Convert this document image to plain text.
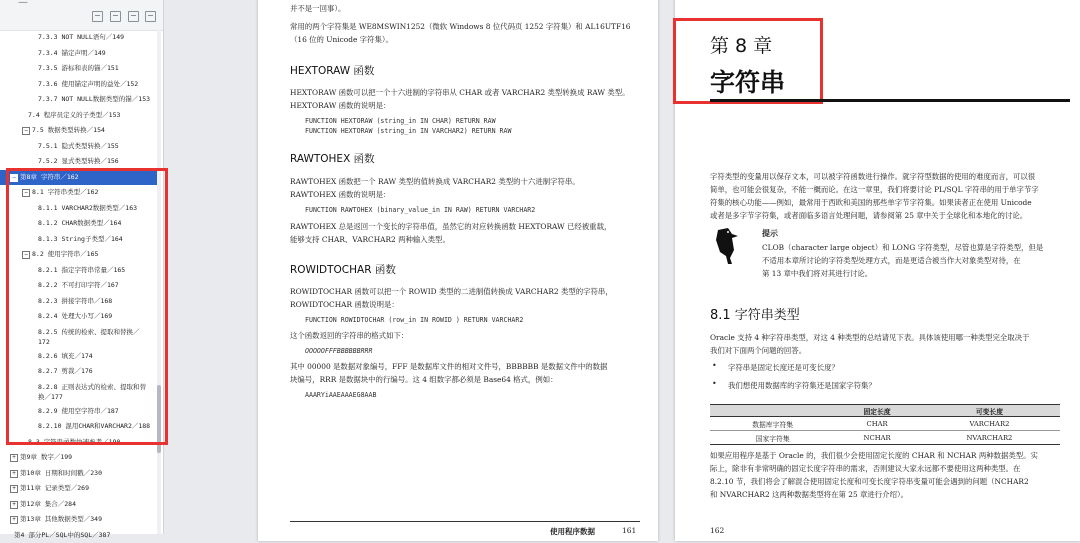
—
7.3.3 NOT NULL语句／149
7.3.4 锚定声明／149
7.3.5 游标和表的锚／151
7.3.6 使用锚定声明的益处／152
7.3.7 NOT NULL数据类型的锚／153
7.4 程序员定义的子类型／153
− 7.5 数据类型转换／154
7.5.1 隐式类型转换／155
7.5.2 显式类型转换／156
− 第8章 字符串／162
− 8.1 字符串类型／162
8.1.1 VARCHAR2数据类型／163
8.1.2 CHAR数据类型／164
8.1.3 String子类型／164
− 8.2 使用字符串／165
8.2.1 指定字符串常量／165
8.2.2 不可打印字符／167
8.2.3 拼接字符串／168
8.2.4 处理大小写／169
8.2.5 传统的检索、提取和替换／172
8.2.6 填充／174
8.2.7 剪裁／176
8.2.8 正则表达式的检索、提取和替换／177
8.2.9 使用空字符串／187
8.2.10 混用CHAR和VARCHAR2／188
8.3 字符串函数快速参考／190
+ 第9章 数字／199
+ 第10章 日期和时间戳／230
+ 第11章 记录类型／269
+ 第12章 集合／284
+ 第13章 其他数据类型／349
第4 部分PL／SQL中的SQL／387
并不是一回事）。
常用的两个字符集是 WE8MSWIN1252（微软 Windows 8 位代码页 1252 字符集）和 AL16UTF16
（16 位的 Unicode 字符集）。
HEXTORAW 函数
HEXTORAW 函数可以把一个十六进制的字符串从 CHAR 或者 VARCHAR2 类型转换成 RAW 类型。
HEXTORAW 函数的说明是：
FUNCTION HEXTORAW (string_in IN CHAR) RETURN RAW
FUNCTION HEXTORAW (string_in IN VARCHAR2) RETURN RAW
RAWTOHEX 函数
RAWTOHEX 函数把一个 RAW 类型的值转换成 VARCHAR2 类型的十六进制字符串。
RAWTOHEX 函数的说明是：
FUNCTION RAWTOHEX (binary_value_in IN RAW) RETURN VARCHAR2
RAWTOHEX 总是返回一个变长的字符串值，虽然它的对应转换函数 HEXTORAW 已经被重载，
能够支持 CHAR、VARCHAR2 两种输入类型。
ROWIDTOCHAR 函数
ROWIDTOCHAR 函数可以把一个 ROWID 类型的二进制值转换成 VARCHAR2 类型的字符串，
ROWIDTOCHAR 函数说明是：
FUNCTION ROWIDTOCHAR (row_in IN ROWID ) RETURN VARCHAR2
这个函数返回的字符串的格式如下：
OOOOOFFFBBBBBBRRR
其中 00000 是数据对象编号，FFF 是数据库文件的相对文件号，BBBBBB 是数据文件中的数据
块编号，RRR 是数据块中的行编号。这 4 组数字都必须是 Base64 格式，例如：
AAARYiAAEAAAEG8AAB
使用程序数据	161
第 8 章
字符串
字符类型的变量用以保存文本，可以被字符函数进行操作。就字符型数据的使用的难度而言，可以很
简单，也可能会很复杂，不能一概而论。在这一章里，我们将要讨论 PL/SQL 字符串的用于单字节字
符集的核心功能——例如，最常用于西欧和美国的那些单字节字符集。如果读者正在使用 Unicode
或者是多字节字符集，或者面临多语言处理问题，请参阅第 25 章中关于全球化和本地化的讨论。
提示
CLOB（character large object）和 LONG 字符类型，尽管也算是字符类型，但是
不适用本章所讨论的字符类型处理方式，而是更适合被当作大对象类型对待，在
第 13 章中我们将对其进行讨论。
8.1 字符串类型
Oracle 支持 4 种字符串类型，对这 4 种类型的总结请见下表。具体该使用哪一种类型完全取决于
我们对下面两个问题的回答。
• 字符串是固定长度还是可变长度？
• 我们想使用数据库的字符集还是国家字符集？
	固定长度	可变长度
数据库字符集	CHAR	VARCHAR2
国家字符集	NCHAR	NVARCHAR2
如果应用程序是基于 Oracle 的，我们很少会使用固定长度的 CHAR 和 NCHAR 两种数据类型。实
际上，除非有非常明确的固定长度字符串的需求，否则建议大家永远都不要使用这两种类型。在
8.2.10 节，我们将会了解混合使用固定长度和可变长度字符串变量可能会遇到的问题（NCHAR2
和 NVARCHAR2 这两种数据类型将在第 25 章进行介绍）。
162
